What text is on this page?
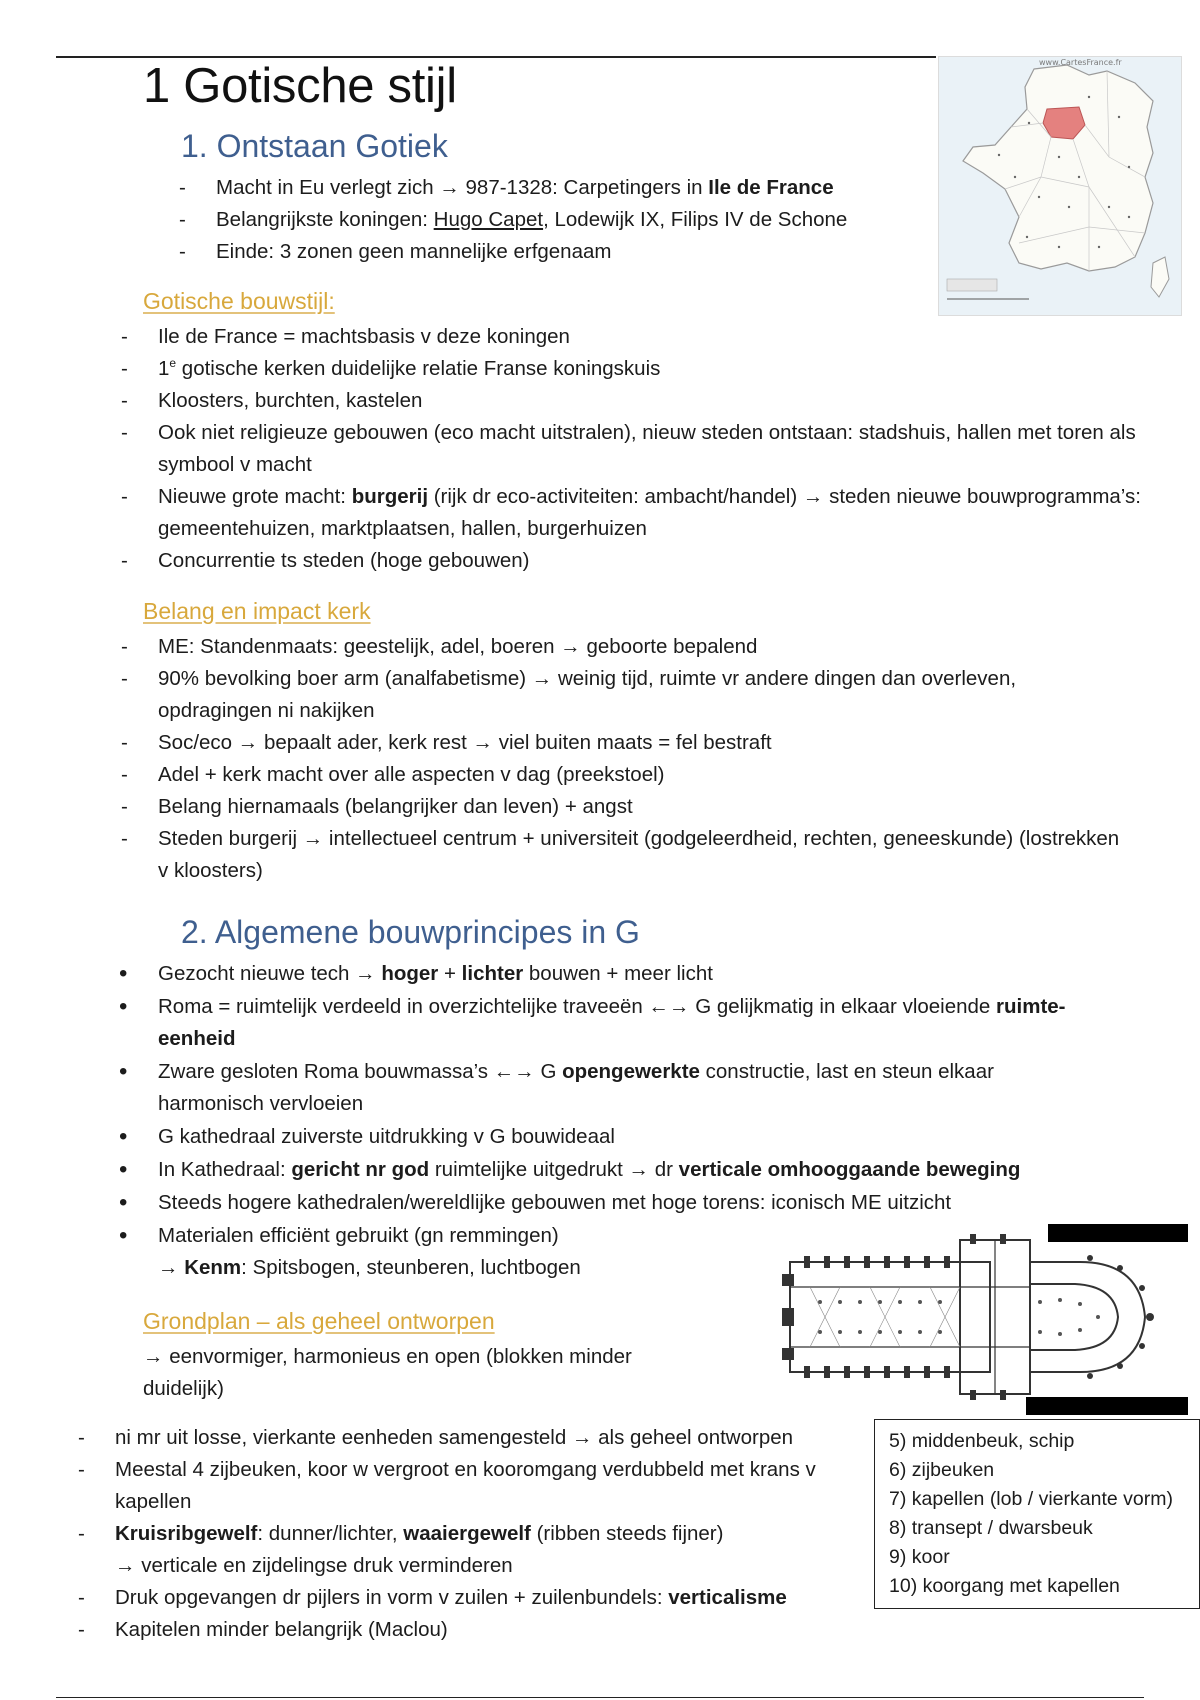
1 Gotische stijl
1. Ontstaan Gotiek
- Macht in Eu verlegt zich → 987-1328: Carpetingers in Ile de France
- Belangrijkste koningen: Hugo Capet, Lodewijk IX, Filips IV de Schone
- Einde: 3 zonen geen mannelijke erfgenaam
www.CartesFrance.fr
Gotische bouwstijl:
- Ile de France = machtsbasis v deze koningen
- 1e gotische kerken duidelijke relatie Franse koningskuis
- Kloosters, burchten, kastelen
- Ook niet religieuze gebouwen (eco macht uitstralen), nieuw steden ontstaan: stadshuis, hallen met toren als symbool v macht
- Nieuwe grote macht: burgerij (rijk dr eco-activiteiten: ambacht/handel) → steden nieuwe bouwprogramma’s: gemeentehuizen, marktplaatsen, hallen, burgerhuizen
- Concurrentie ts steden (hoge gebouwen)
Belang en impact kerk
- ME: Standenmaats: geestelijk, adel, boeren → geboorte bepalend
- 90% bevolking boer arm (analfabetisme) → weinig tijd, ruimte vr andere dingen dan overleven, opdragingen ni nakijken
- Soc/eco → bepaalt ader, kerk rest → viel buiten maats = fel bestraft
- Adel + kerk macht over alle aspecten v dag (preekstoel)
- Belang hiernamaals (belangrijker dan leven) + angst
- Steden burgerij → intellectueel centrum + universiteit (godgeleerdheid, rechten, geneeskunde) (lostrekken v kloosters)
2. Algemene bouwprincipes in G
• Gezocht nieuwe tech → hoger + lichter bouwen + meer licht
• Roma = ruimtelijk verdeeld in overzichtelijke traveeën ←→ G gelijkmatig in elkaar vloeiende ruimte-eenheid
• Zware gesloten Roma bouwmassa’s ←→ G opengewerkte constructie, last en steun elkaar harmonisch vervloeien
• G kathedraal zuiverste uitdrukking v G bouwideaal
• In Kathedraal: gericht nr god ruimtelijke uitgedrukt → dr verticale omhooggaande beweging
• Steeds hogere kathedralen/wereldlijke gebouwen met hoge torens: iconisch ME uitzicht
• Materialen efficiënt gebruikt (gn remmingen)
→ Kenm: Spitsbogen, steunberen, luchtbogen
Grondplan – als geheel ontworpen

→ eenvormiger, harmonieus en open (blokken minder duidelijk)

- ni mr uit losse, vierkante eenheden samengesteld → als geheel ontworpen
- Meestal 4 zijbeuken, koor w vergroot en kooromgang verdubbeld met krans v kapellen
- Kruisribgewelf: dunner/lichter, waaiergewelf (ribben steeds fijner)
→ verticale en zijdelingse druk verminderen
- Druk opgevangen dr pijlers in vorm v zuilen + zuilenbundels: verticalisme
- Kapitelen minder belangrijk (Maclou)
5) middenbeuk, schip
6) zijbeuken
7) kapellen (lob / vierkante vorm)
8) transept / dwarsbeuk
9) koor
10) koorgang met kapellen
